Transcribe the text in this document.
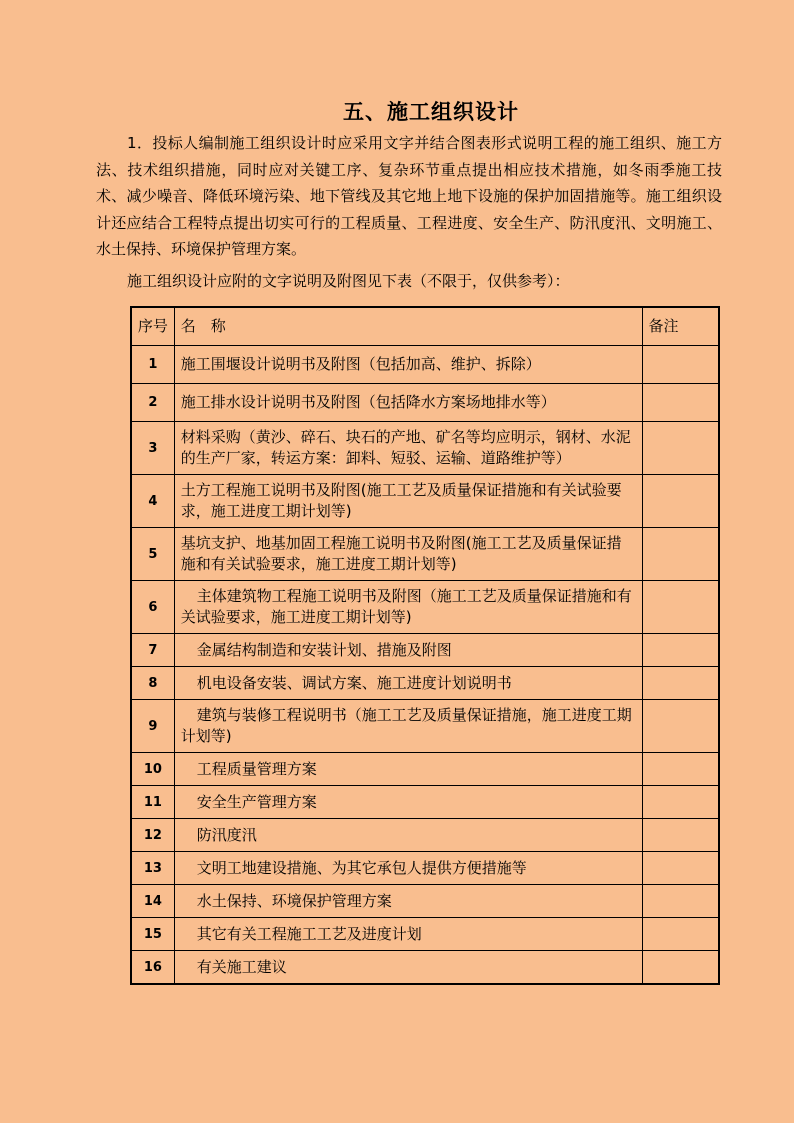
五、施工组织设计

1．投标人编制施工组织设计时应采用文字并结合图表形式说明工程的施工组织、施工方法、技术组织措施，同时应对关键工序、复杂环节重点提出相应技术措施，如冬雨季施工技术、减少噪音、降低环境污染、地下管线及其它地上地下设施的保护加固措施等。施工组织设计还应结合工程特点提出切实可行的工程质量、工程进度、安全生产、防汛度汛、文明施工、水土保持、环境保护管理方案。

施工组织设计应附的文字说明及附图见下表（不限于，仅供参考）：

序号	名　称	备注
1	施工围堰设计说明书及附图（包括加高、维护、拆除）	
2	施工排水设计说明书及附图（包括降水方案场地排水等）	
3	材料采购（黄沙、碎石、块石的产地、矿名等均应明示，钢材、水泥的生产厂家，转运方案：卸料、短驳、运输、道路维护等）	
4	土方工程施工说明书及附图(施工工艺及质量保证措施和有关试验要求，施工进度工期计划等)	
5	基坑支护、地基加固工程施工说明书及附图(施工工艺及质量保证措施和有关试验要求，施工进度工期计划等)	
6	主体建筑物工程施工说明书及附图（施工工艺及质量保证措施和有关试验要求，施工进度工期计划等)	
7	金属结构制造和安装计划、措施及附图	
8	机电设备安装、调试方案、施工进度计划说明书	
9	建筑与装修工程说明书（施工工艺及质量保证措施，施工进度工期计划等)	
10	工程质量管理方案	
11	安全生产管理方案	
12	防汛度汛	
13	文明工地建设措施、为其它承包人提供方便措施等	
14	水土保持、环境保护管理方案	
15	其它有关工程施工工艺及进度计划	
16	有关施工建议	
